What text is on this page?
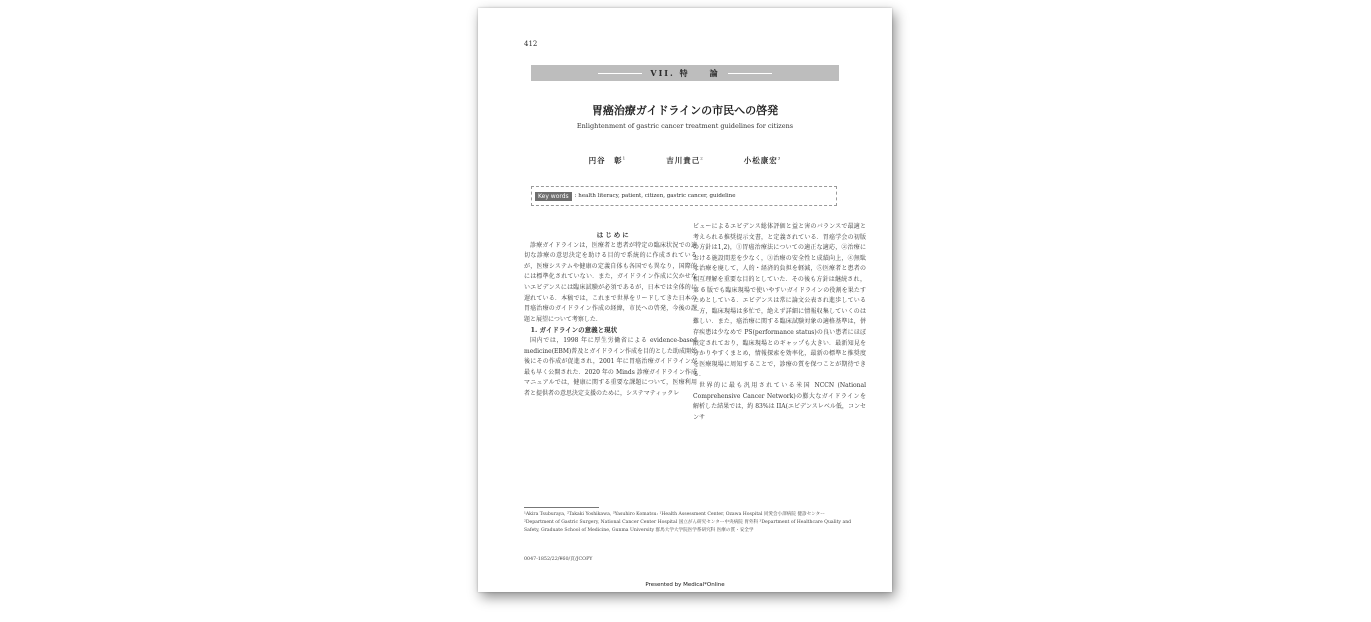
412
VII. 特　　論
胃癌治療ガイドラインの市民への啓発
Enlightenment of gastric cancer treatment guidelines for citizens
円谷　彰$^1$	吉川貴己$^2$	小松康宏$^3$
Key words	: health literacy, patient, citizen, gastric cancer, guideline

はじめに

診療ガイドラインは，医療者と患者が特定の臨床状況での適切な診療の意思決定を助ける目的で系統的に作成されているが，医療システムや健康の定義自体も各国でも異なり，国際的には標準化されていない．また，ガイドライン作成に欠かせないエビデンスには臨床試験が必須であるが，日本では全体的に遅れている．本稿では，これまで世界をリードしてきた日本の胃癌治療のガイドライン作成の経緯，市民への啓発，今後の課題と展望について考察した．

1. ガイドラインの意義と現状

国内では，1998 年に厚生労働省による evidence-based medicine(EBM)普及とガイドライン作成を目的とした助成開始後にその作成が促進され，2001 年に胃癌治療ガイドラインが最も早く公開された．2020 年の Minds 診療ガイドライン作成マニュアルでは，健康に関する重要な課題について，医療利用者と提供者の意思決定支援のために，システマティックレ

ビューによるエビデンス総体評価と益と害のバランスで最適と考えられる推奨提示文書，と定義されている．胃癌学会の初版の方針は1,2)，①胃癌治療法についての適正な適応，②治療における施設間差を少なく，③治療の安全性と成績向上，④無駄な治療を廃して，人的・経済的負担を軽減，⑤医療者と患者の相互理解を重要な目的としていた．その後も方針は継続され，第 6 版でも臨床現場で使いやすいガイドラインの役割を果たすためとしている．エビデンスは常に論文公表され進歩している一方，臨床現場は多忙で，絶えず詳細に情報収集していくのは難しい．また，癌治療に関する臨床試験対象の適格基準は，併存疾患は少なめで PS(performance status)の良い患者にほぼ限定されており，臨床現場とのギャップも大きい．最新知見を分かりやすくまとめ，情報探索を効率化，最新の標準と推奨度を医療現場に周知することで，診療の質を保つことが期待できる．

世界的に最も汎用されている米国 NCCN (National Comprehensive Cancer Network)の膨大なガイドラインを解析した結果では，約 83%は IIA(エビデンスレベル低，コンセンサ

¹Akira Tsuburaya, ²Takaki Yoshikawa, ³Yasuhiro Komatsu: ¹Health Assessment Center, Ozawa Hospital 同愛会小澤病院 健診センター ²Department of Gastric Surgery, National Cancer Center Hospital 国立がん研究センター中央病院 胃外科 ³Department of Healthcare Quality and Safety, Graduate School of Medicine, Gunma University 群馬大学大学院医学系研究科 医療の質・安全学
0047-1852/22/¥60/頁/JCOPY
Presented by Medical*Online
